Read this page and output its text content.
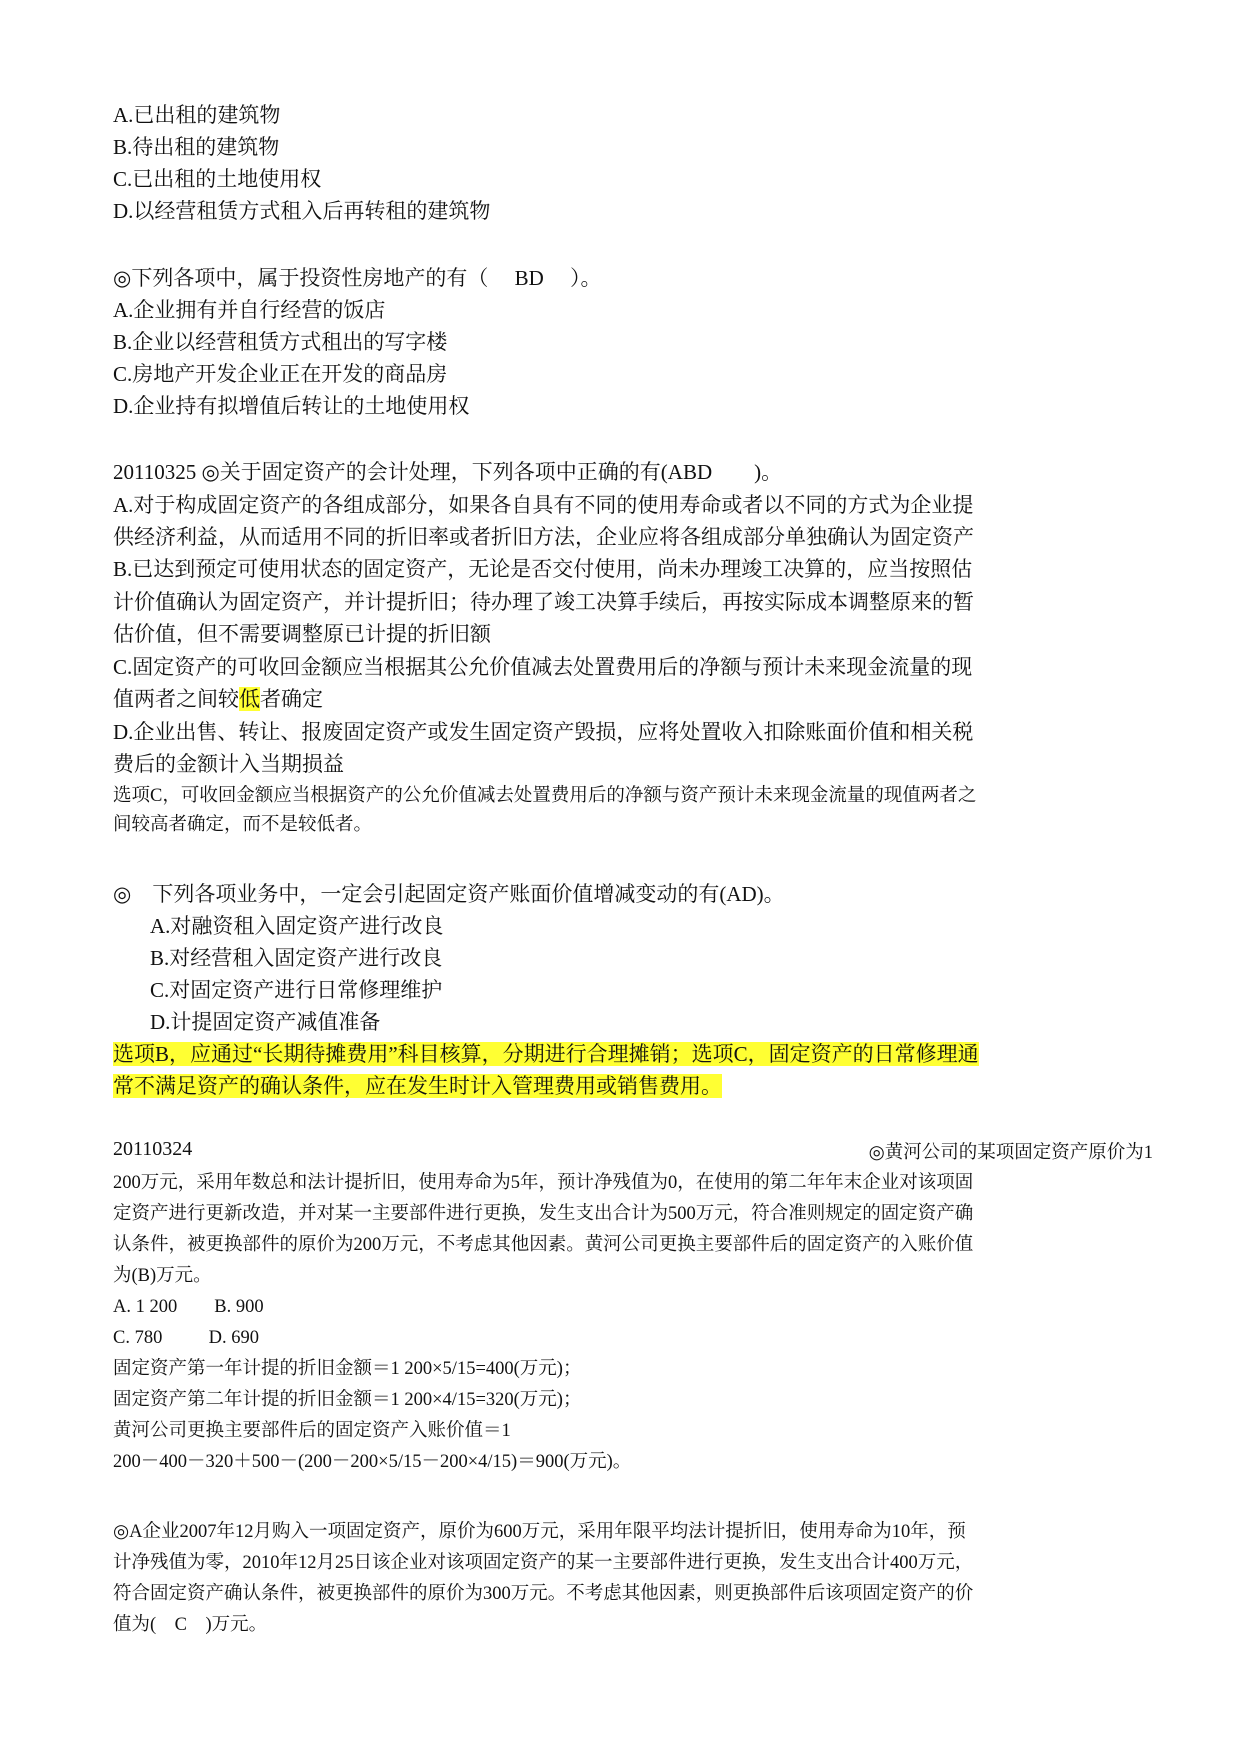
A.已出租的建筑物
B.待出租的建筑物
C.已出租的土地使用权
D.以经营租赁方式租入后再转租的建筑物
◎下列各项中，属于投资性房地产的有（　 BD　 ）。
A.企业拥有并自行经营的饭店
B.企业以经营租赁方式租出的写字楼
C.房地产开发企业正在开发的商品房
D.企业持有拟增值后转让的土地使用权
20110325 ◎关于固定资产的会计处理，下列各项中正确的有(ABD　　)。
A.对于构成固定资产的各组成部分，如果各自具有不同的使用寿命或者以不同的方式为企业提
供经济利益，从而适用不同的折旧率或者折旧方法，企业应将各组成部分单独确认为固定资产
B.已达到预定可使用状态的固定资产，无论是否交付使用，尚未办理竣工决算的，应当按照估
计价值确认为固定资产，并计提折旧；待办理了竣工决算手续后，再按实际成本调整原来的暂
估价值，但不需要调整原已计提的折旧额
C.固定资产的可收回金额应当根据其公允价值减去处置费用后的净额与预计未来现金流量的现
值两者之间较低者确定
D.企业出售、转让、报废固定资产或发生固定资产毁损，应将处置收入扣除账面价值和相关税
费后的金额计入当期损益
选项C，可收回金额应当根据资产的公允价值减去处置费用后的净额与资产预计未来现金流量的现值两者之
间较高者确定，而不是较低者。
◎　下列各项业务中，一定会引起固定资产账面价值增减变动的有(AD)。
A.对融资租入固定资产进行改良
B.对经营租入固定资产进行改良
C.对固定资产进行日常修理维护
D.计提固定资产减值准备
选项B，应通过“长期待摊费用”科目核算，分期进行合理摊销；选项C，固定资产的日常修理通
常不满足资产的确认条件，应在发生时计入管理费用或销售费用。
20110324	◎黄河公司的某项固定资产原价为1
200万元，采用年数总和法计提折旧，使用寿命为5年，预计净残值为0，在使用的第二年年末企业对该项固
定资产进行更新改造，并对某一主要部件进行更换，发生支出合计为500万元，符合准则规定的固定资产确
认条件，被更换部件的原价为200万元，不考虑其他因素。黄河公司更换主要部件后的固定资产的入账价值
为(B)万元。
A. 1 200　　B. 900
C. 780　　  D. 690
固定资产第一年计提的折旧金额＝1 200×5/15=400(万元)；
固定资产第二年计提的折旧金额＝1 200×4/15=320(万元)；
黄河公司更换主要部件后的固定资产入账价值＝1
200－400－320＋500－(200－200×5/15－200×4/15)＝900(万元)。
◎A企业2007年12月购入一项固定资产，原价为600万元，采用年限平均法计提折旧，使用寿命为10年，预
计净残值为零，2010年12月25日该企业对该项固定资产的某一主要部件进行更换，发生支出合计400万元，
符合固定资产确认条件，被更换部件的原价为300万元。不考虑其他因素，则更换部件后该项固定资产的价
值为(　C　)万元。
